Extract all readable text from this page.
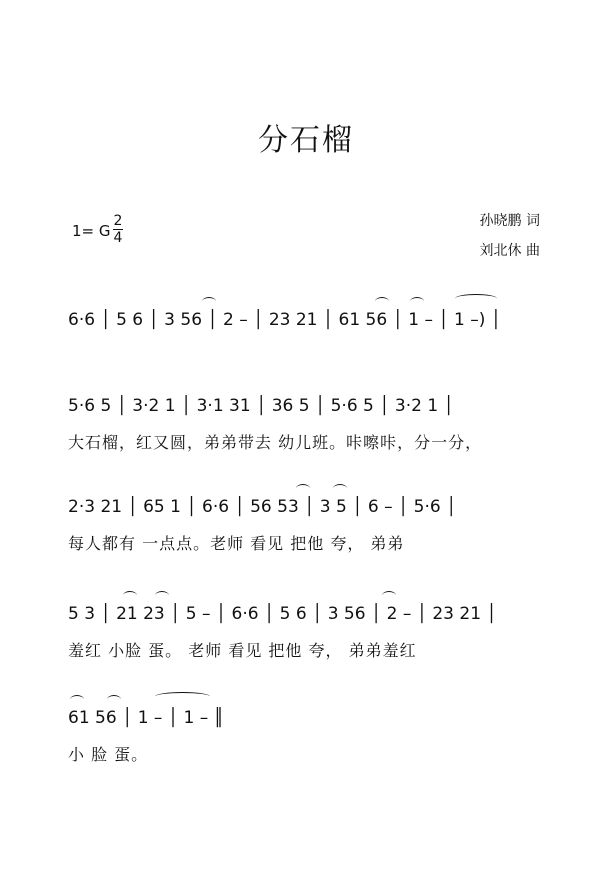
分石榴
1= G
2
4
孙晓鹏 词
刘北休 曲
6·6 │ 5 6 │ 3 56 │ 2 – │ 23 21 │ 61 56 │ 1 – │ 1 –) │
5·6 5 │ 3·2 1 │ 3·1 31 │ 36 5 │ 5·6 5 │ 3·2 1 │
大石榴，红又圆，弟弟带去 幼儿班。咔嚓咔，分一分，
2·3 21 │ 65 1 │ 6·6 │ 56 53 │ 3 5 │ 6 – │ 5·6 │
每人都有 一点点。老师 看见 把他 夸， 弟弟
5 3 │ 21 23 │ 5 – │ 6·6 │ 5 6 │ 3 56 │ 2 – │ 23 21 │
羞红 小脸 蛋。 老师 看见 把他 夸， 弟弟羞红
61 56 │ 1 – │ 1 – ║
小 脸 蛋。
